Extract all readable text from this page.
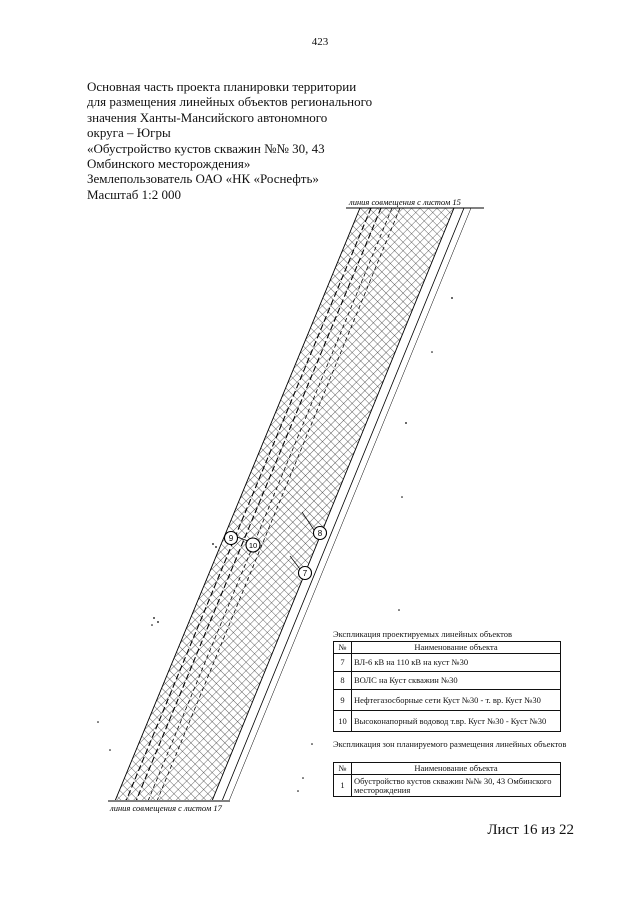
423
Основная часть проекта планировки территории
для размещения линейных объектов регионального
значения Ханты-Мансийского автономного
округа – Югры
«Обустройство кустов скважин №№ 30, 43
Омбинского месторождения»
Землепользователь ОАО «НК «Роснефть»
Масштаб 1:2 000
линия совмещения с листом 15
линия совмещения с листом 17
9
10
8
7
Экспликация проектируемых линейных объектов
№	Наименование объекта
7	ВЛ-6 кВ на 110 кВ на куст №30
8	ВОЛС на Куст скважин №30
9	Нефтегазосборные сети Куст №30 - т. вр. Куст №30
10	Высоконапорный водовод т.вр. Куст №30 - Куст №30
Экспликация зон планируемого размещения линейных объектов
№	Наименование объекта
1	Обустройство кустов скважин №№ 30, 43 Омбинского месторождения
Лист 16 из 22
